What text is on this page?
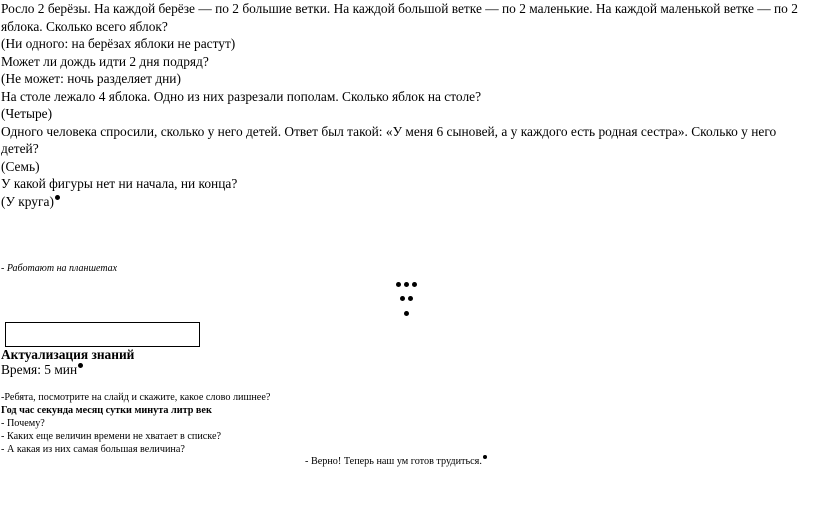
Росло 2 берёзы. На каждой берёзе — по 2 большие ветки. На каждой большой ветке — по 2 маленькие. На каждой маленькой ветке — по 2 яблока. Сколько всего яблок?

(Ни одного: на берёзах яблоки не растут)

Может ли дождь идти 2 дня подряд?

(Не может: ночь разделяет дни)

На столе лежало 4 яблока. Одно из них разрезали пополам. Сколько яблок на столе?

(Четыре)

Одного человека спросили, сколько у него детей. Ответ был такой: «У меня 6 сыновей, а у каждого есть родная сестра». Сколько у него детей?

(Семь)

У какой фигуры нет ни начала, ни конца?

(У круга)

- Работают на планшетах
Актуализация знаний
Время: 5 мин
-Ребята, посмотрите на слайд и скажите, какое слово лишнее?
Год час секунда месяц сутки минута литр век
- Почему?
- Каких еще величин времени не хватает в списке?
- А какая из них самая большая величина?
- Верно! Теперь наш ум готов трудиться.
